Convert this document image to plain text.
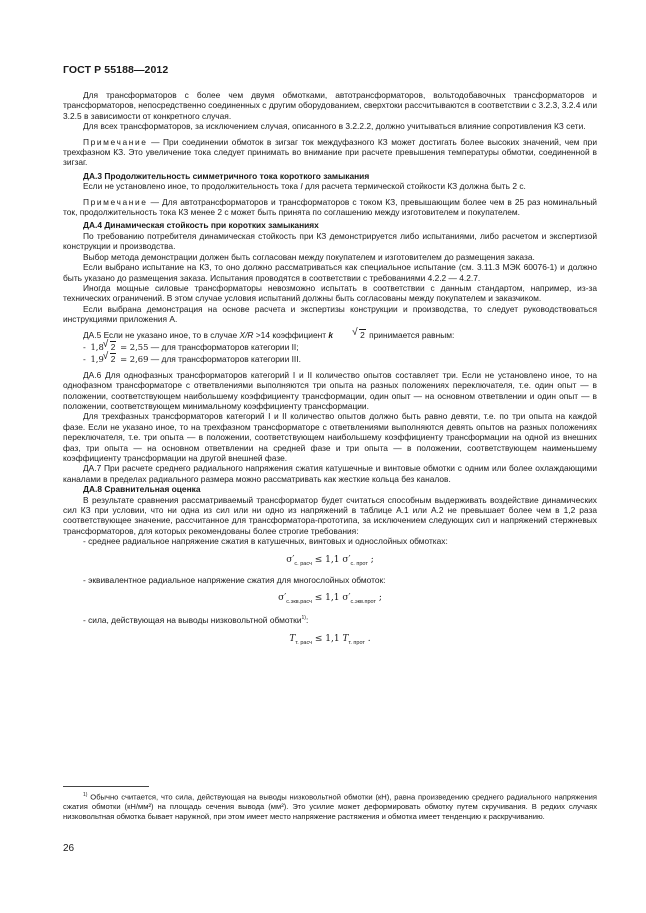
ГОСТ Р 55188—2012

Для трансформаторов с более чем двумя обмотками, автотрансформаторов, вольтодобавочных трансформаторов и трансформаторов, непосредственно соединенных с другим оборудованием, сверхтоки рассчитываются в соответствии с 3.2.3, 3.2.4 или 3.2.5 в зависимости от конкретного случая.

Для всех трансформаторов, за исключением случая, описанного в 3.2.2.2, должно учитываться влияние сопротивления КЗ сети.

Примечание — При соединении обмоток в зигзаг ток междуфазного КЗ может достигать более высоких значений, чем при трехфазном КЗ. Это увеличение тока следует принимать во внимание при расчете превышения температуры обмотки, соединенной в зигзаг.

ДА.3 Продолжительность симметричного тока короткого замыкания

Если не установлено иное, то продолжительность тока I для расчета термической стойкости КЗ должна быть 2 с.

Примечание — Для автотрансформаторов и трансформаторов с током КЗ, превышающим более чем в 25 раз номинальный ток, продолжительность тока КЗ менее 2 с может быть принята по соглашению между изготовителем и покупателем.

ДА.4 Динамическая стойкость при коротких замыканиях

По требованию потребителя динамическая стойкость при КЗ демонстрируется либо испытаниями, либо расчетом и экспертизой конструкции и производства.

Выбор метода демонстрации должен быть согласован между покупателем и изготовителем до размещения заказа.

Если выбрано испытание на КЗ, то оно должно рассматриваться как специальное испытание (см. 3.11.3 МЭК 60076-1) и должно быть указано до размещения заказа. Испытания проводятся в соответствии с требованиями 4.2.2 — 4.2.7.

Иногда мощные силовые трансформаторы невозможно испытать в соответствии с данным стандартом, например, из-за технических ограничений. В этом случае условия испытаний должны быть согласованы между покупателем и заказчиком.

Если выбрана демонстрация на основе расчета и экспертизы конструкции и производства, то следует руководствоваться инструкциями приложения А.

ДА.5 Если не указано иное, то в случае X/R >14 коэффициент k	√ 2 принимается равным:

-  1,8 √ 2 = 2,55 — для трансформаторов категории II;

-  1,9 √ 2 = 2,69 — для трансформаторов категории III.

ДА.6 Для однофазных трансформаторов категорий I и II количество опытов составляет три. Если не установлено иное, то на однофазном трансформаторе с ответвлениями выполняются три опыта на разных положениях переключателя, т.е. один опыт — в положении, соответствующем наибольшему коэффициенту трансформации, один опыт — на основном ответвлении и один опыт — в положении, соответствующем минимальному коэффициенту трансформации.

Для трехфазных трансформаторов категорий I и II количество опытов должно быть равно девяти, т.е. по три опыта на каждой фазе. Если не указано иное, то на трехфазном трансформаторе с ответвлениями выполняются девять опытов на разных положениях переключателя, т.е. три опыта — в положении, соответствующем наибольшему коэффициенту трансформации на одной из внешних фаз, три опыта — на основном ответвлении на средней фазе и три опыта — в положении, соответствующем наименьшему коэффициенту трансформации на другой внешней фазе.

ДА.7 При расчете среднего радиального напряжения сжатия катушечные и винтовые обмотки с одним или более охлаждающими каналами в пределах радиального размера можно рассматривать как жесткие кольца без каналов.

ДА.8 Сравнительная оценка

В результате сравнения рассматриваемый трансформатор будет считаться способным выдерживать воздействие динамических сил КЗ при условии, что ни одна из сил или ни одно из напряжений в таблице А.1 или А.2 не превышает более чем в 1,2 раза соответствующее значение, рассчитанное для трансформатора-прототипа, за исключением следующих сил и напряжений стержневых трансформаторов, для которых рекомендованы более строгие требования:

- среднее радиальное напряжение сжатия в катушечных, винтовых и однослойных обмотках:

$\sigma'_{с. расч} \le 1,1$ $\sigma'_{с. прот}$ ;

- эквивалентное радиальное напряжение сжатия для многослойных обмоток:

$\sigma'_{с.экв.расч} \le 1,1$ $\sigma'_{с.экв.прот}$ ;

- сила, действующая на выводы низковольтной обмотки$^{1)}$:

$T_{т. расч} \le 1,1$ $T_{т. прот}$ .

$^{1)}$ Обычно считается, что сила, действующая на выводы низковольтной обмотки (кН), равна произведению среднего радиального напряжения сжатия обмотки (кН/мм²) на площадь сечения вывода (мм²). Это усилие может деформировать обмотку путем скручивания. В редких случаях низковольтная обмотка бывает наружной, при этом имеет место напряжение растяжения и обмотка имеет тенденцию к раскручиванию.

26
